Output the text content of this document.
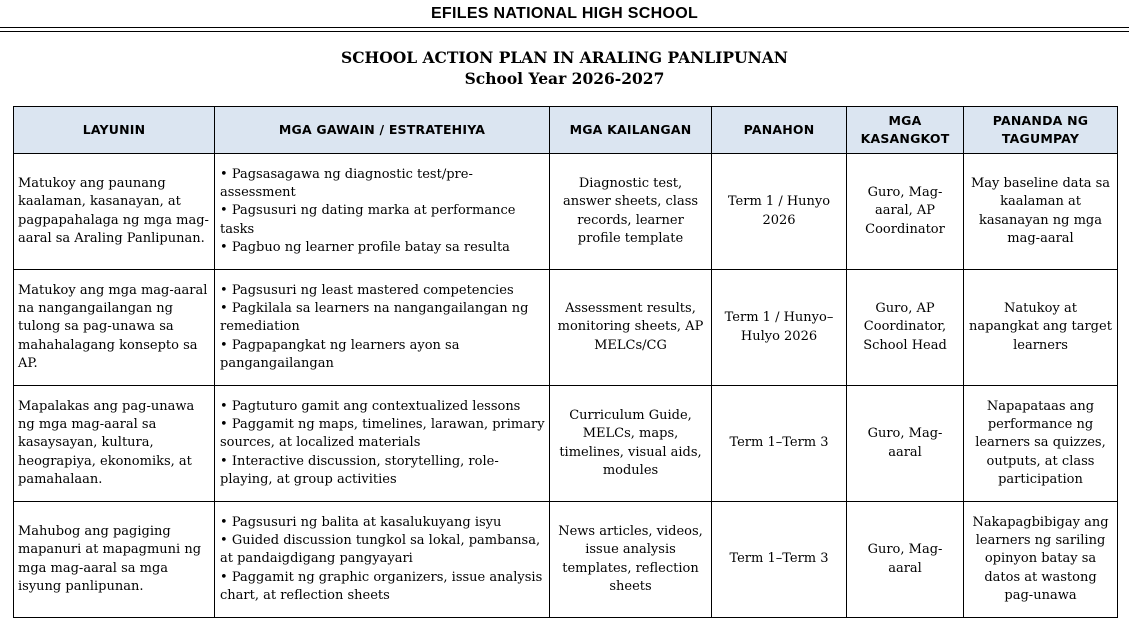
EFILES NATIONAL HIGH SCHOOL
SCHOOL ACTION PLAN IN ARALING PANLIPUNAN
School Year 2026-2027
LAYUNIN	MGA GAWAIN / ESTRATEHIYA	MGA KAILANGAN	PANAHON	MGA KASANGKOT	PANANDA NG TAGUMPAY
Matukoy ang paunang kaalaman, kasanayan, at pagpapahalaga ng mga mag-aaral sa Araling Panlipunan.	• Pagsasagawa ng diagnostic test/pre-assessment
• Pagsusuri ng dating marka at performance tasks
• Pagbuo ng learner profile batay sa resulta	Diagnostic test, answer sheets, class records, learner profile template	Term 1 / Hunyo 2026	Guro, Mag-aaral, AP Coordinator	May baseline data sa kaalaman at kasanayan ng mga mag-aaral
Matukoy ang mga mag-aaral na nangangailangan ng tulong sa pag-unawa sa mahahalagang konsepto sa AP.	• Pagsusuri ng least mastered competencies
• Pagkilala sa learners na nangangailangan ng remediation
• Pagpapangkat ng learners ayon sa pangangailangan	Assessment results, monitoring sheets, AP MELCs/CG	Term 1 / Hunyo–Hulyo 2026	Guro, AP Coordinator, School Head	Natukoy at napangkat ang target learners
Mapalakas ang pag-unawa ng mga mag-aaral sa kasaysayan, kultura, heograpiya, ekonomiks, at pamahalaan.	• Pagtuturo gamit ang contextualized lessons
• Paggamit ng maps, timelines, larawan, primary sources, at localized materials
• Interactive discussion, storytelling, role-playing, at group activities	Curriculum Guide, MELCs, maps, timelines, visual aids, modules	Term 1–Term 3	Guro, Mag-aaral	Napapataas ang performance ng learners sa quizzes, outputs, at class participation
Mahubog ang pagiging mapanuri at mapagmuni ng mga mag-aaral sa mga isyung panlipunan.	• Pagsusuri ng balita at kasalukuyang isyu
• Guided discussion tungkol sa lokal, pambansa, at pandaigdigang pangyayari
• Paggamit ng graphic organizers, issue analysis chart, at reflection sheets	News articles, videos, issue analysis templates, reflection sheets	Term 1–Term 3	Guro, Mag-aaral	Nakapagbibigay ang learners ng sariling opinyon batay sa datos at wastong pag-unawa
